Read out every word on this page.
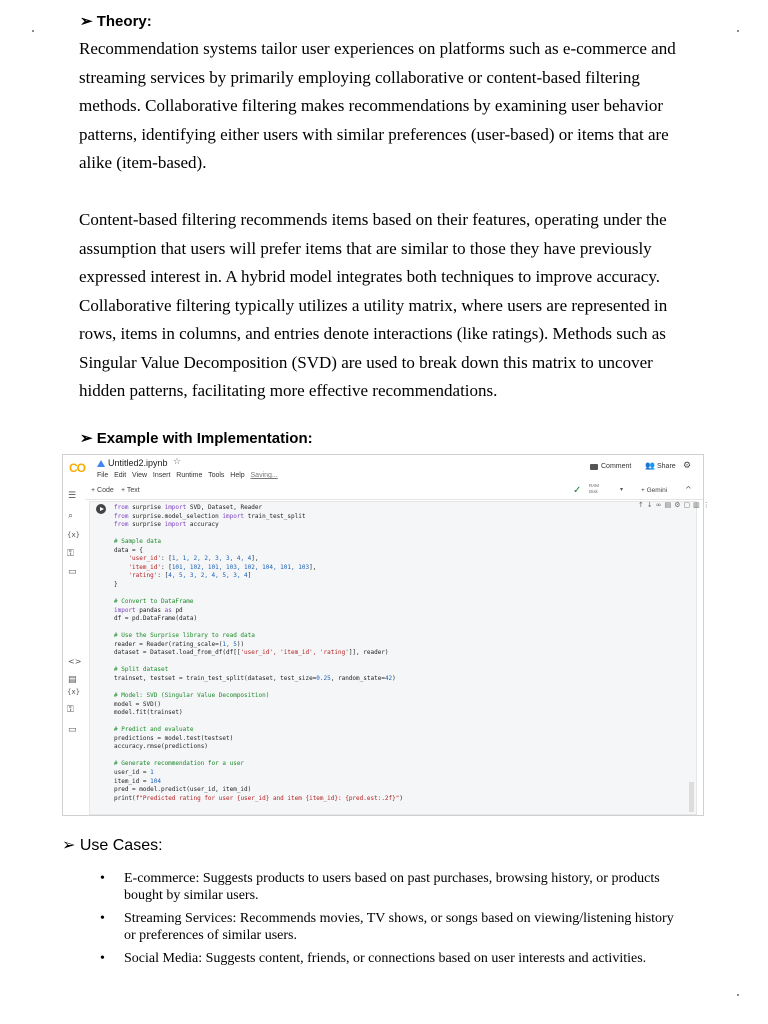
➢ Theory:

Recommendation systems tailor user experiences on platforms such as e-commerce and

streaming services by primarily employing collaborative or content-based filtering

methods. Collaborative filtering makes recommendations by examining user behavior

patterns, identifying either users with similar preferences (user-based) or items that are

alike (item-based).

Content-based filtering recommends items based on their features, operating under the

assumption that users will prefer items that are similar to those they have previously

expressed interest in. A hybrid model integrates both techniques to improve accuracy.

Collaborative filtering typically utilizes a utility matrix, where users are represented in

rows, items in columns, and entries denote interactions (like ratings). Methods such as

Singular Value Decomposition (SVD) are used to break down this matrix to uncover

hidden patterns, facilitating more effective recommendations.

➢ Example with Implementation:
CO	Untitled2.ipynb ☆
File Edit View Insert Runtime Tools Help Saving...
Comment 👥 Share ⚙
+ Code + Text	✓ RAM
Disk	▾	+ Gemini ^
☰
⌕
{x}
⚿
▭
<>
▤
{x}
⚿
▭
↑↓∞▤⚙▢▥⋮
from surprise import SVD, Dataset, Reader
from surprise.model_selection import train_test_split
from surprise import accuracy

# Sample data
data = {
'user_id': [1, 1, 2, 2, 3, 3, 4, 4],
'item_id': [101, 102, 101, 103, 102, 104, 101, 103],
'rating': [4, 5, 3, 2, 4, 5, 3, 4]
}

# Convert to DataFrame
import pandas as pd
df = pd.DataFrame(data)

# Use the Surprise library to read data
reader = Reader(rating_scale=(1, 5))
dataset = Dataset.load_from_df(df[['user_id', 'item_id', 'rating']], reader)

# Split dataset
trainset, testset = train_test_split(dataset, test_size=0.25, random_state=42)

# Model: SVD (Singular Value Decomposition)
model = SVD()
model.fit(trainset)

# Predict and evaluate
predictions = model.test(testset)
accuracy.rmse(predictions)

# Generate recommendation for a user
user_id = 1
item_id = 104
pred = model.predict(user_id, item_id)
print(f"Predicted rating for user {user_id} and item {item_id}: {pred.est:.2f}")
➢ Use Cases:
• E-commerce: Suggests products to users based on past purchases, browsing history, or products
bought by similar users.
• Streaming Services: Recommends movies, TV shows, or songs based on viewing/listening history
or preferences of similar users.
• Social Media: Suggests content, friends, or connections based on user interests and activities.
